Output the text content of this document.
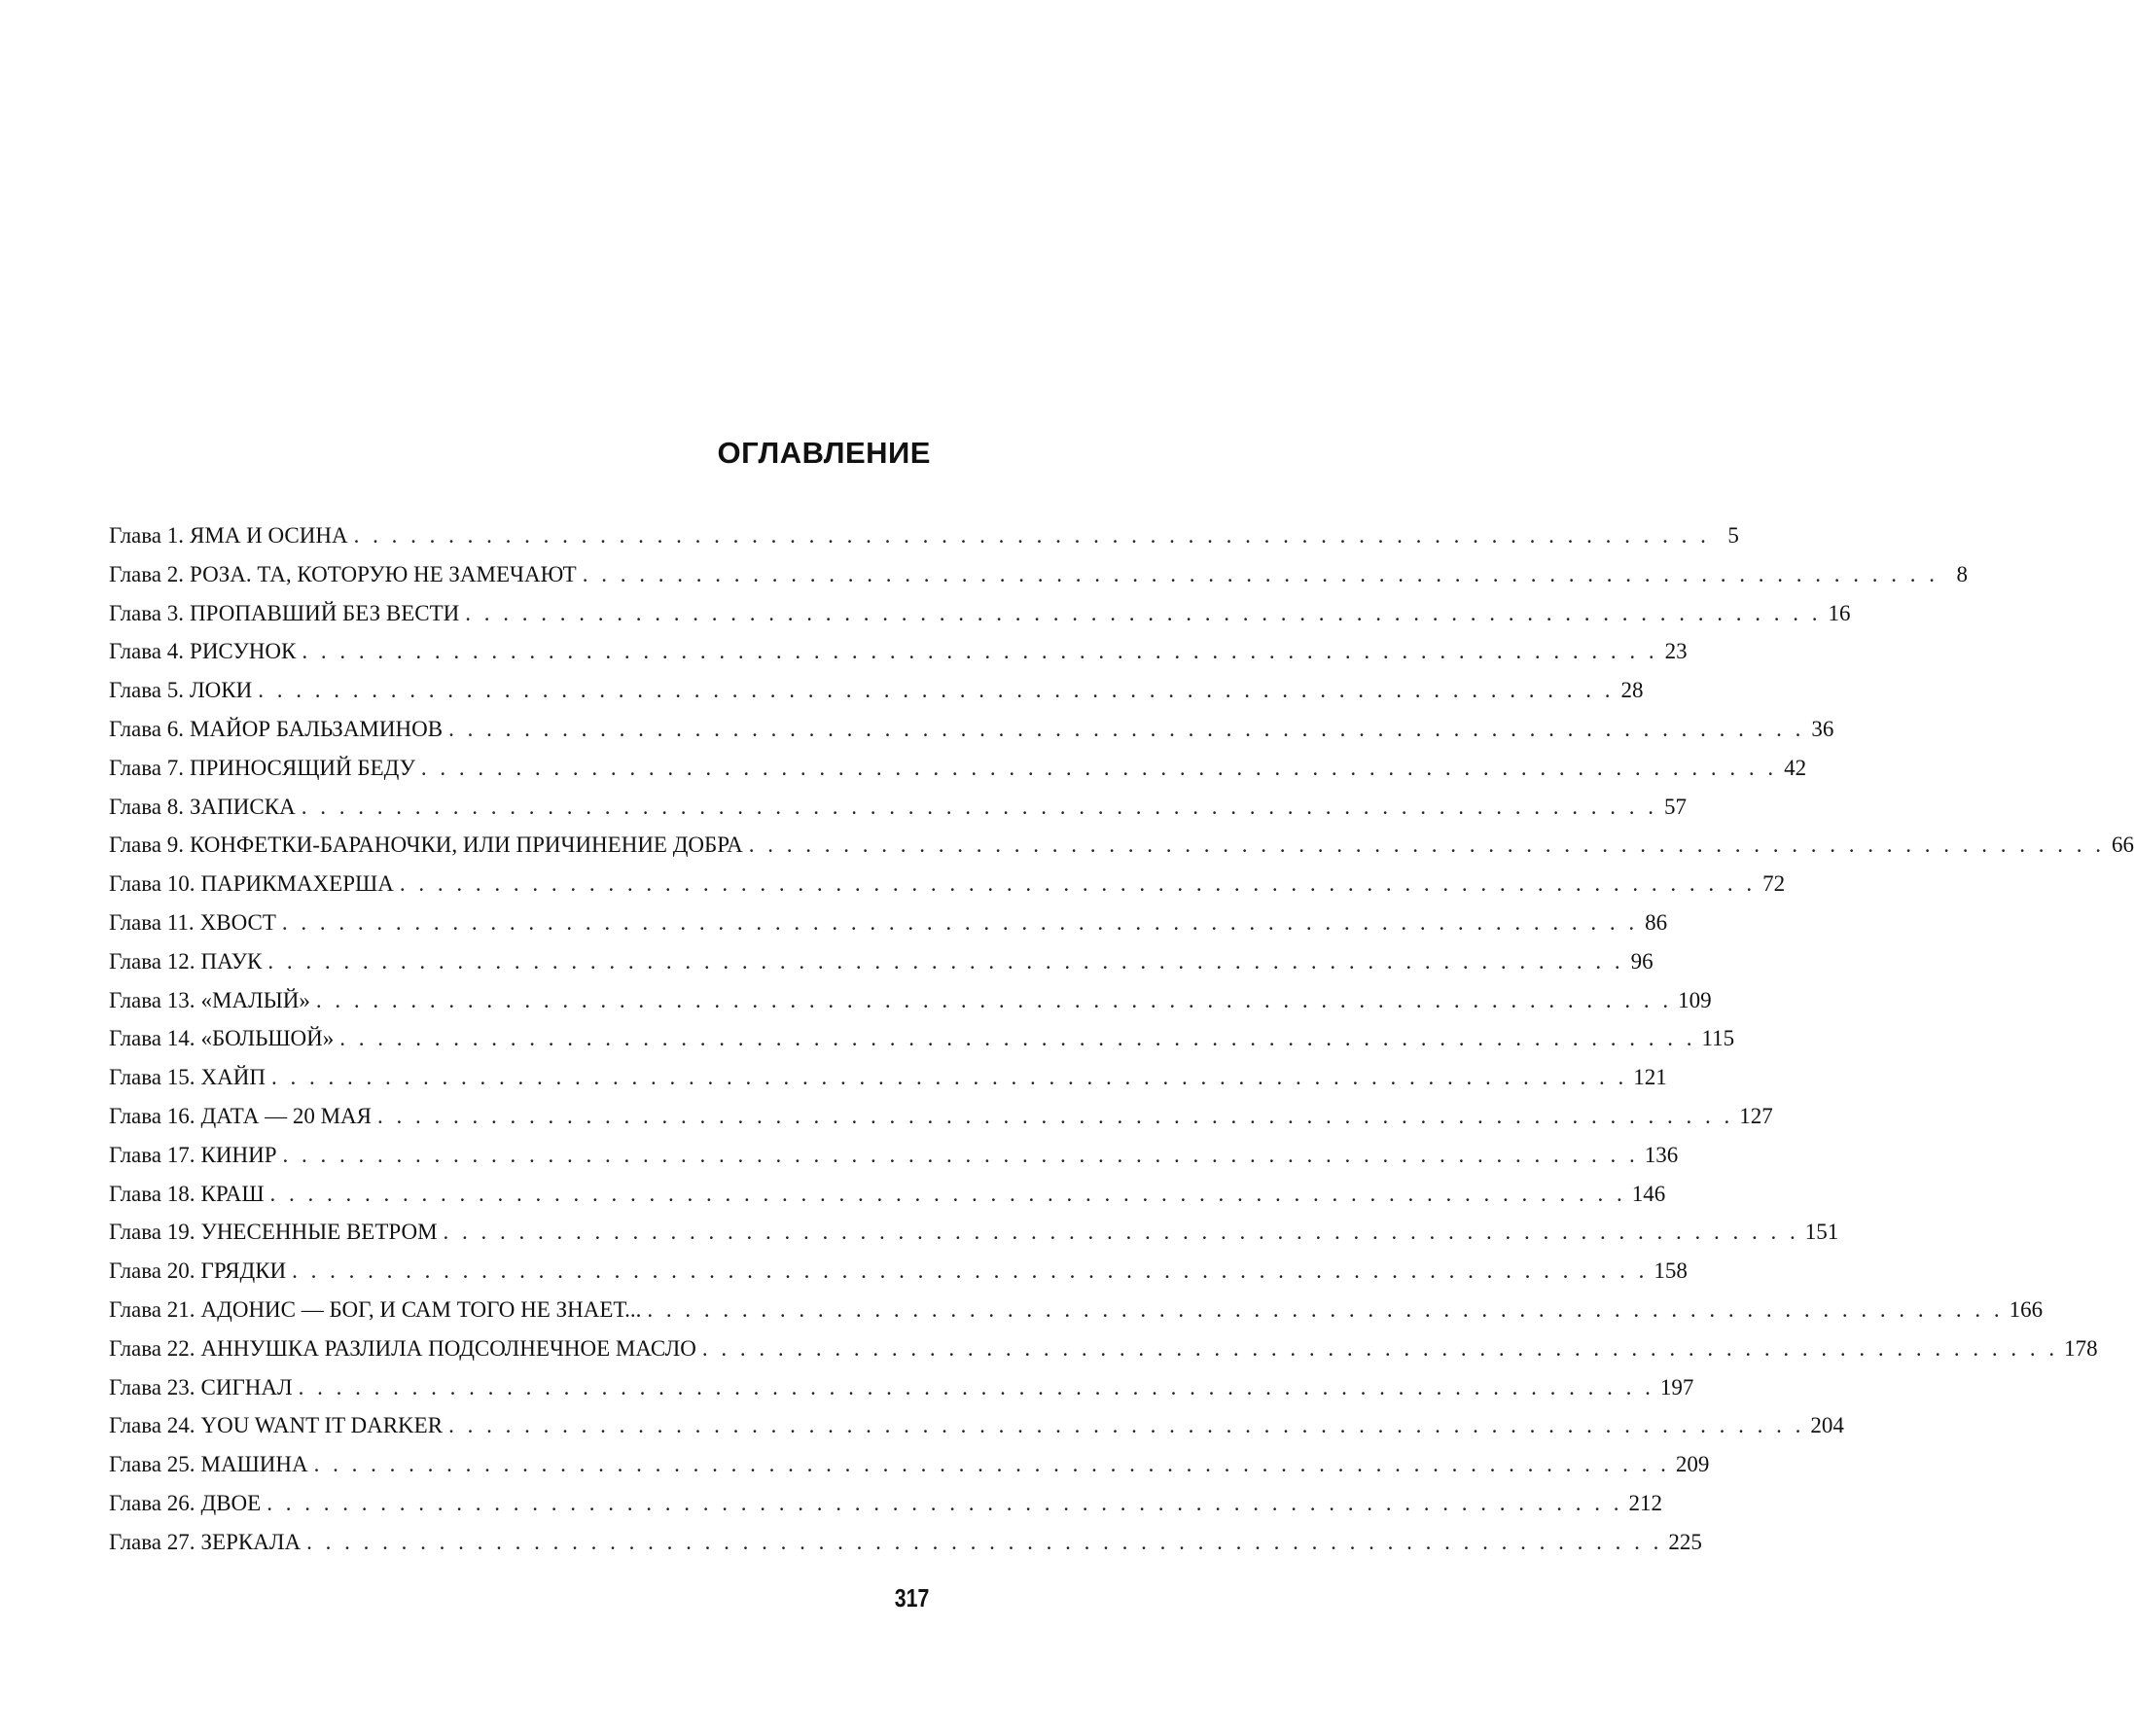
ОГЛАВЛЕНИЕ
Глава 1. ЯМА И ОСИНА . . . . . . . . . . . . . . . . . . . . . . . . . . . . . . . . . . . . . . . . . . . . . . . . . . . . . . . . . . . . . . . . . . . . . . . . 5
Глава 2. РОЗА. ТА, КОТОРУЮ НЕ ЗАМЕЧАЮТ . . . . . . . . . . . . . . . . . . . . . . . . . . . . . . . . . . . . . . . . . . . . . . . . . . . . . . . . . . . . . . . . . . . . . . . . 8
Глава 3. ПРОПАВШИЙ БЕЗ ВЕСТИ . . . . . . . . . . . . . . . . . . . . . . . . . . . . . . . . . . . . . . . . . . . . . . . . . . . . . . . . . . . . . . . . . . . . . . . . 16
Глава 4. РИСУНОК . . . . . . . . . . . . . . . . . . . . . . . . . . . . . . . . . . . . . . . . . . . . . . . . . . . . . . . . . . . . . . . . . . . . . . . . 23
Глава 5. ЛОКИ . . . . . . . . . . . . . . . . . . . . . . . . . . . . . . . . . . . . . . . . . . . . . . . . . . . . . . . . . . . . . . . . . . . . . . . . 28
Глава 6. МАЙОР БАЛЬЗАМИНОВ . . . . . . . . . . . . . . . . . . . . . . . . . . . . . . . . . . . . . . . . . . . . . . . . . . . . . . . . . . . . . . . . . . . . . . . . 36
Глава 7. ПРИНОСЯЩИЙ БЕДУ . . . . . . . . . . . . . . . . . . . . . . . . . . . . . . . . . . . . . . . . . . . . . . . . . . . . . . . . . . . . . . . . . . . . . . . . 42
Глава 8. ЗАПИСКА . . . . . . . . . . . . . . . . . . . . . . . . . . . . . . . . . . . . . . . . . . . . . . . . . . . . . . . . . . . . . . . . . . . . . . . . 57
Глава 9. КОНФЕТКИ-БАРАНОЧКИ, ИЛИ ПРИЧИНЕНИЕ ДОБРА . . . . . . . . . . . . . . . . . . . . . . . . . . . . . . . . . . . . . . . . . . . . . . . . . . . . . . . . . . . . . . . . . . . . . . . . 66
Глава 10. ПАРИКМАХЕРША . . . . . . . . . . . . . . . . . . . . . . . . . . . . . . . . . . . . . . . . . . . . . . . . . . . . . . . . . . . . . . . . . . . . . . . . 72
Глава 11. ХВОСТ . . . . . . . . . . . . . . . . . . . . . . . . . . . . . . . . . . . . . . . . . . . . . . . . . . . . . . . . . . . . . . . . . . . . . . . . 86
Глава 12. ПАУК . . . . . . . . . . . . . . . . . . . . . . . . . . . . . . . . . . . . . . . . . . . . . . . . . . . . . . . . . . . . . . . . . . . . . . . . 96
Глава 13. «МАЛЫЙ» . . . . . . . . . . . . . . . . . . . . . . . . . . . . . . . . . . . . . . . . . . . . . . . . . . . . . . . . . . . . . . . . . . . . . . . . 109
Глава 14. «БОЛЬШОЙ» . . . . . . . . . . . . . . . . . . . . . . . . . . . . . . . . . . . . . . . . . . . . . . . . . . . . . . . . . . . . . . . . . . . . . . . . 115
Глава 15. ХАЙП . . . . . . . . . . . . . . . . . . . . . . . . . . . . . . . . . . . . . . . . . . . . . . . . . . . . . . . . . . . . . . . . . . . . . . . . 121
Глава 16. ДАТА — 20 МАЯ . . . . . . . . . . . . . . . . . . . . . . . . . . . . . . . . . . . . . . . . . . . . . . . . . . . . . . . . . . . . . . . . . . . . . . . . 127
Глава 17. КИНИР . . . . . . . . . . . . . . . . . . . . . . . . . . . . . . . . . . . . . . . . . . . . . . . . . . . . . . . . . . . . . . . . . . . . . . . . 136
Глава 18. КРАШ . . . . . . . . . . . . . . . . . . . . . . . . . . . . . . . . . . . . . . . . . . . . . . . . . . . . . . . . . . . . . . . . . . . . . . . . 146
Глава 19. УНЕСЕННЫЕ ВЕТРОМ . . . . . . . . . . . . . . . . . . . . . . . . . . . . . . . . . . . . . . . . . . . . . . . . . . . . . . . . . . . . . . . . . . . . . . . . 151
Глава 20. ГРЯДКИ . . . . . . . . . . . . . . . . . . . . . . . . . . . . . . . . . . . . . . . . . . . . . . . . . . . . . . . . . . . . . . . . . . . . . . . . 158
Глава 21. АДОНИС — БОГ, И САМ ТОГО НЕ ЗНАЕТ... . . . . . . . . . . . . . . . . . . . . . . . . . . . . . . . . . . . . . . . . . . . . . . . . . . . . . . . . . . . . . . . . . . . . . . . . 166
Глава 22. АННУШКА РАЗЛИЛА ПОДСОЛНЕЧНОЕ МАСЛО . . . . . . . . . . . . . . . . . . . . . . . . . . . . . . . . . . . . . . . . . . . . . . . . . . . . . . . . . . . . . . . . . . . . . . . . 178
Глава 23. СИГНАЛ . . . . . . . . . . . . . . . . . . . . . . . . . . . . . . . . . . . . . . . . . . . . . . . . . . . . . . . . . . . . . . . . . . . . . . . . 197
Глава 24. YOU WANT IT DARKER . . . . . . . . . . . . . . . . . . . . . . . . . . . . . . . . . . . . . . . . . . . . . . . . . . . . . . . . . . . . . . . . . . . . . . . . 204
Глава 25. МАШИНА . . . . . . . . . . . . . . . . . . . . . . . . . . . . . . . . . . . . . . . . . . . . . . . . . . . . . . . . . . . . . . . . . . . . . . . . 209
Глава 26. ДВОЕ . . . . . . . . . . . . . . . . . . . . . . . . . . . . . . . . . . . . . . . . . . . . . . . . . . . . . . . . . . . . . . . . . . . . . . . . 212
Глава 27. ЗЕРКАЛА . . . . . . . . . . . . . . . . . . . . . . . . . . . . . . . . . . . . . . . . . . . . . . . . . . . . . . . . . . . . . . . . . . . . . . . . 225

317
